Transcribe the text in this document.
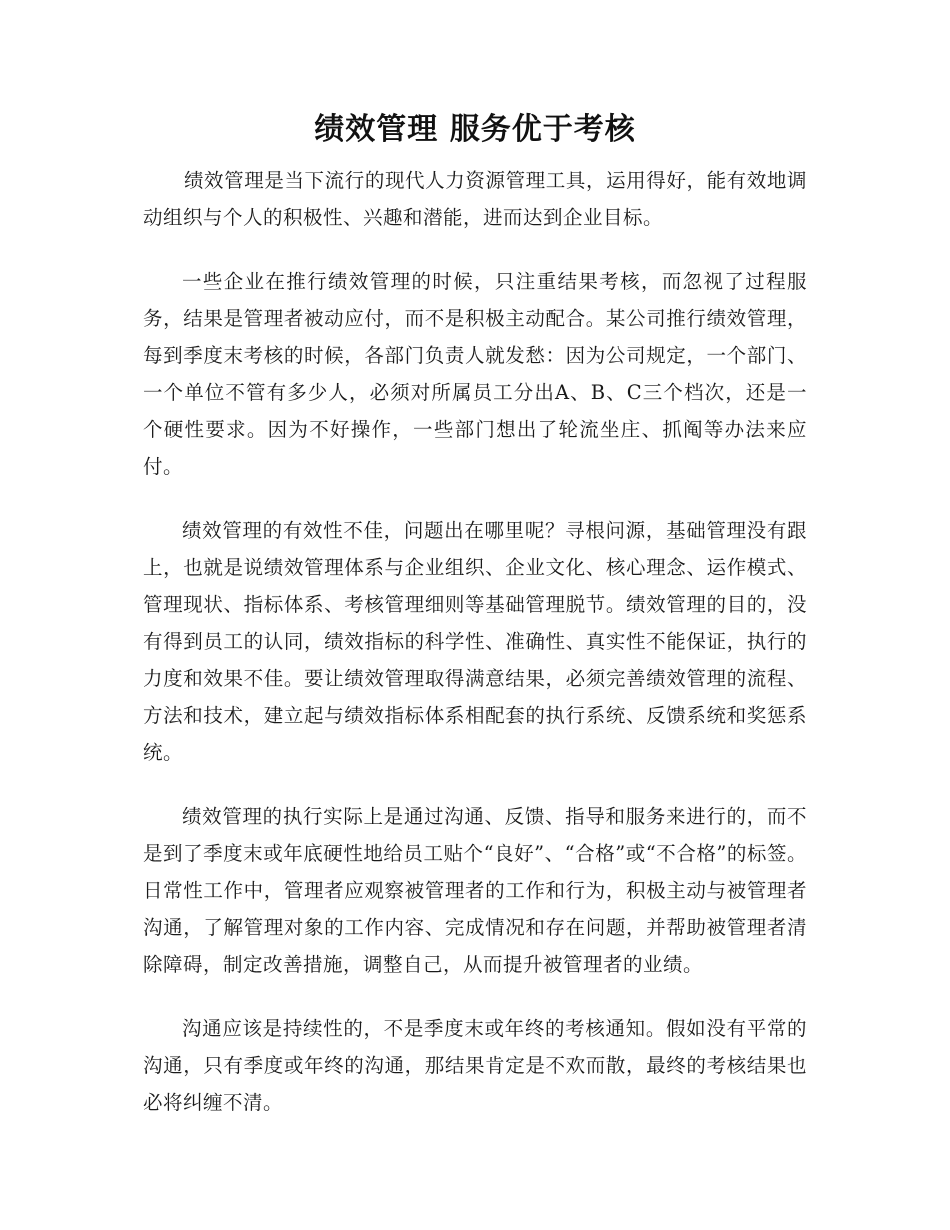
绩效管理 服务优于考核

绩效管理是当下流行的现代人力资源管理工具，运用得好，能有效地调动组织与个人的积极性、兴趣和潜能，进而达到企业目标。

一些企业在推行绩效管理的时候，只注重结果考核，而忽视了过程服务，结果是管理者被动应付，而不是积极主动配合。某公司推行绩效管理，每到季度末考核的时候，各部门负责人就发愁：因为公司规定，一个部门、一个单位不管有多少人，必须对所属员工分出A、B、C三个档次，还是一个硬性要求。因为不好操作，一些部门想出了轮流坐庄、抓阄等办法来应付。

绩效管理的有效性不佳，问题出在哪里呢？寻根问源，基础管理没有跟上，也就是说绩效管理体系与企业组织、企业文化、核心理念、运作模式、管理现状、指标体系、考核管理细则等基础管理脱节。绩效管理的目的，没有得到员工的认同，绩效指标的科学性、准确性、真实性不能保证，执行的力度和效果不佳。要让绩效管理取得满意结果，必须完善绩效管理的流程、方法和技术，建立起与绩效指标体系相配套的执行系统、反馈系统和奖惩系统。

绩效管理的执行实际上是通过沟通、反馈、指导和服务来进行的，而不是到了季度末或年底硬性地给员工贴个“良好”、“合格”或“不合格”的标签。日常性工作中，管理者应观察被管理者的工作和行为，积极主动与被管理者沟通，了解管理对象的工作内容、完成情况和存在问题，并帮助被管理者清除障碍，制定改善措施，调整自己，从而提升被管理者的业绩。

沟通应该是持续性的，不是季度末或年终的考核通知。假如没有平常的沟通，只有季度或年终的沟通，那结果肯定是不欢而散，最终的考核结果也必将纠缠不清。
